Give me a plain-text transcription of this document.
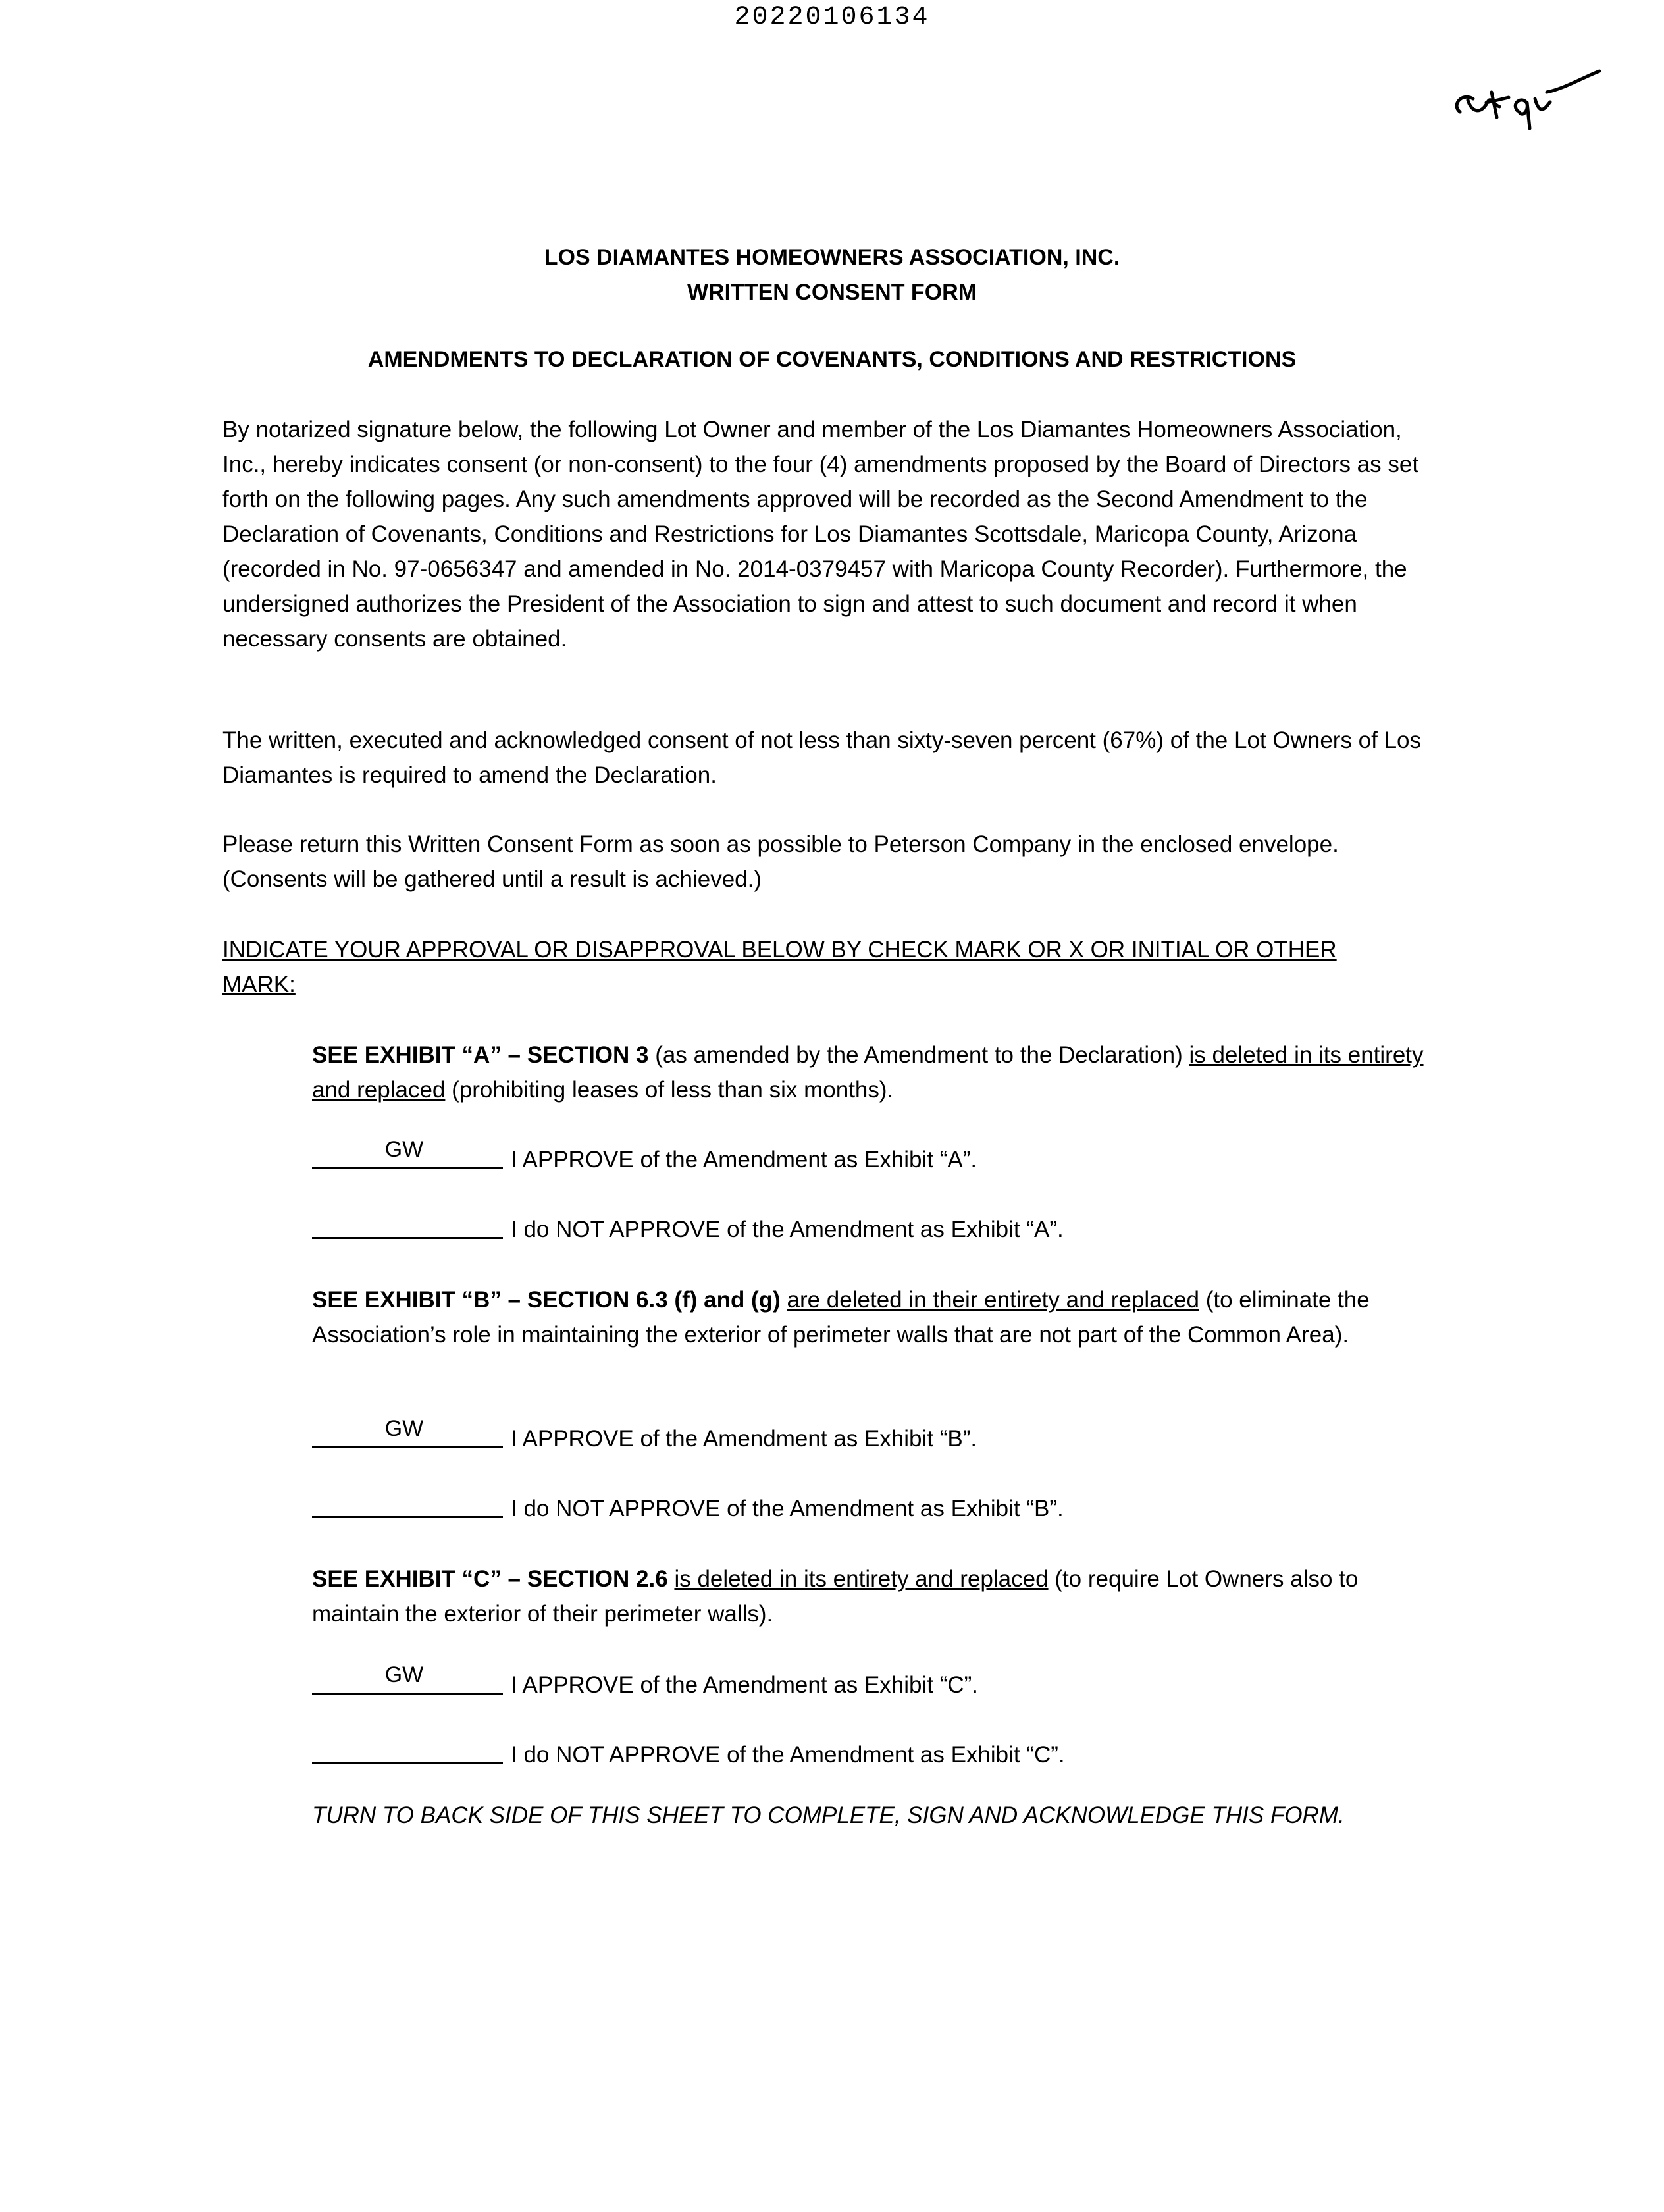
20220106134
LOS DIAMANTES HOMEOWNERS ASSOCIATION, INC.
WRITTEN CONSENT FORM
AMENDMENTS TO DECLARATION OF COVENANTS, CONDITIONS AND RESTRICTIONS

By notarized signature below, the following Lot Owner and member of the Los Diamantes Homeowners Association, Inc., hereby indicates consent (or non-consent) to the four (4) amendments proposed by the Board of Directors as set forth on the following pages. Any such amendments approved will be recorded as the Second Amendment to the Declaration of Covenants, Conditions and Restrictions for Los Diamantes Scottsdale, Maricopa County, Arizona (recorded in No. 97-0656347 and amended in No. 2014-0379457 with Maricopa County Recorder). Furthermore, the undersigned authorizes the President of the Association to sign and attest to such document and record it when necessary consents are obtained.

The written, executed and acknowledged consent of not less than sixty-seven percent (67%) of the Lot Owners of Los Diamantes is required to amend the Declaration.

Please return this Written Consent Form as soon as possible to Peterson Company in the enclosed envelope. (Consents will be gathered until a result is achieved.)

INDICATE YOUR APPROVAL OR DISAPPROVAL BELOW BY CHECK MARK OR X OR INITIAL OR OTHER MARK:

SEE EXHIBIT “A” – SECTION 3 (as amended by the Amendment to the Declaration) is deleted in its entirety and replaced (prohibiting leases of less than six months).

GW	I APPROVE of the Amendment as Exhibit “A”.
I do NOT APPROVE of the Amendment as Exhibit “A”.

SEE EXHIBIT “B” – SECTION 6.3 (f) and (g) are deleted in their entirety and replaced (to eliminate the Association’s role in maintaining the exterior of perimeter walls that are not part of the Common Area).

GW	I APPROVE of the Amendment as Exhibit “B”.
I do NOT APPROVE of the Amendment as Exhibit “B”.

SEE EXHIBIT “C” – SECTION 2.6 is deleted in its entirety and replaced (to require Lot Owners also to maintain the exterior of their perimeter walls).

GW	I APPROVE of the Amendment as Exhibit “C”.
I do NOT APPROVE of the Amendment as Exhibit “C”.
TURN TO BACK SIDE OF THIS SHEET TO COMPLETE, SIGN AND ACKNOWLEDGE THIS FORM.
